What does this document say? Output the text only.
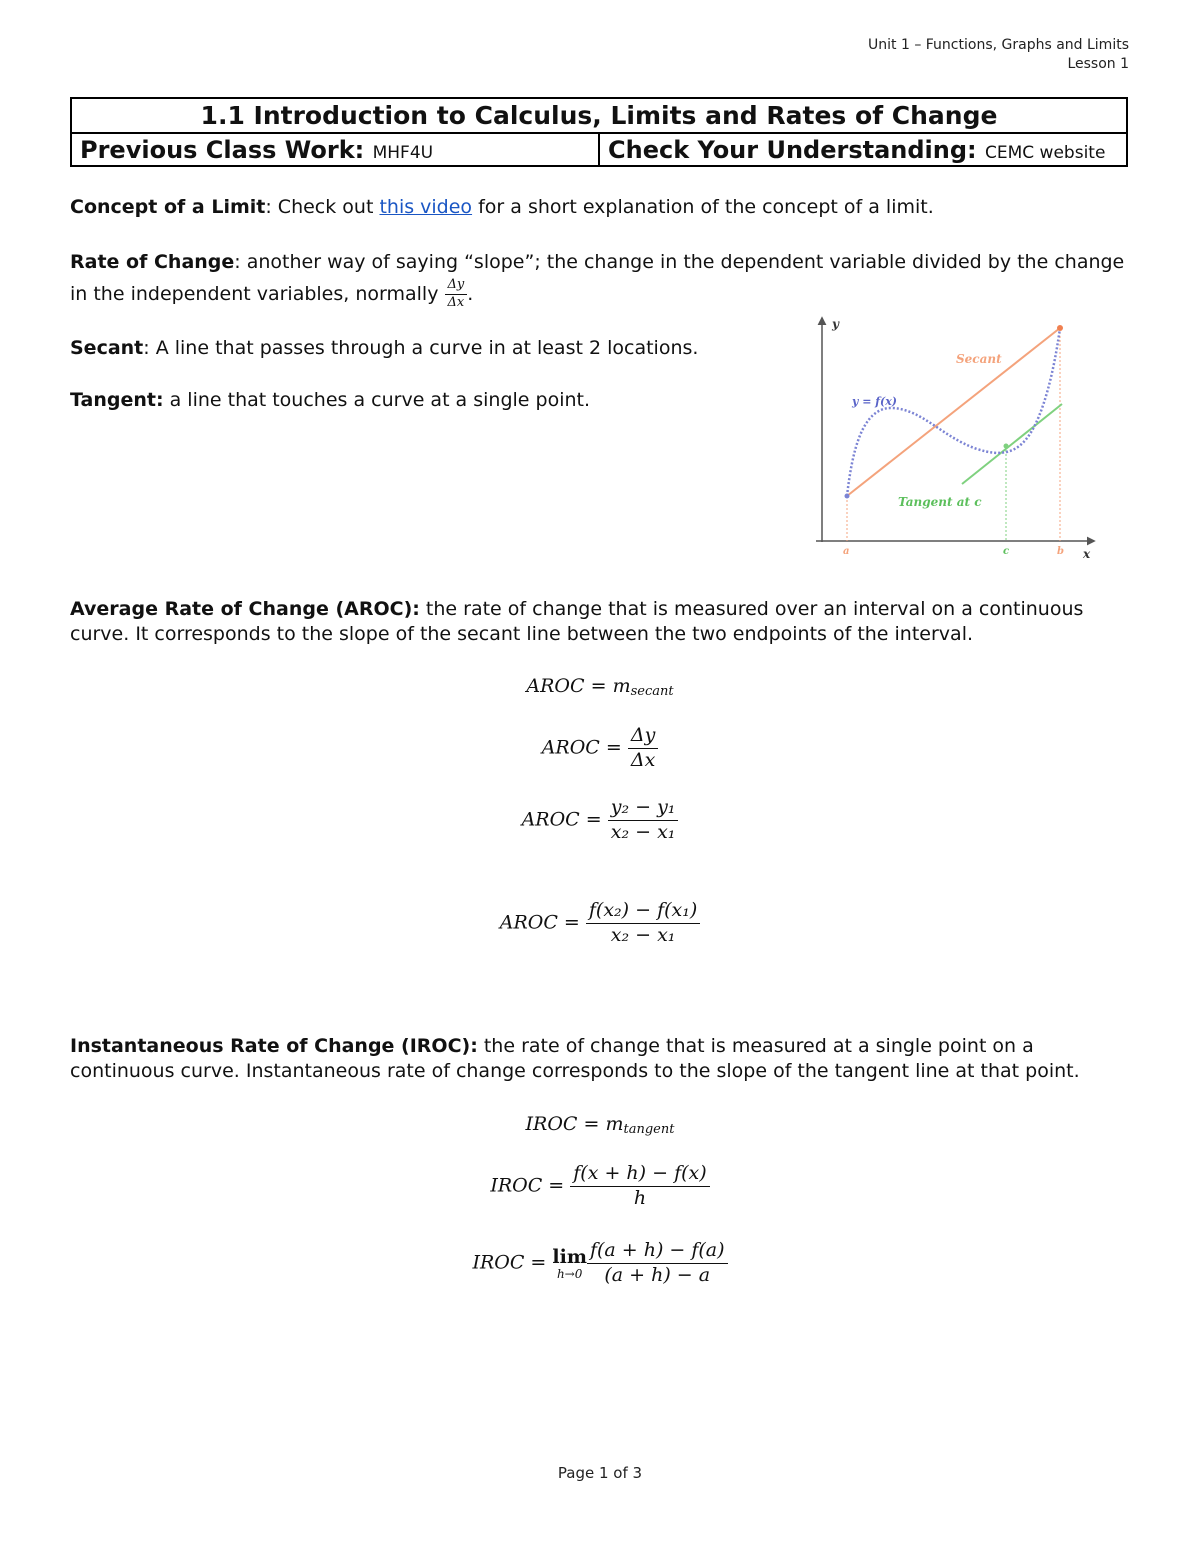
Unit 1 – Functions, Graphs and Limits
Lesson 1
1.1 Introduction to Calculus, Limits and Rates of Change
Previous Class Work: MHF4U	Check Your Understanding: CEMC website
Concept of a Limit: Check out this video for a short explanation of the concept of a limit.
Rate of Change: another way of saying “slope”; the change in the dependent variable divided by the change in the independent variables, normally $\frac{\Delta y}{\Delta x}$ .
Secant: A line that passes through a curve in at least 2 locations.
Tangent: a line that touches a curve at a single point.
y
x
Secant
y = f(x)
Tangent at c
a	c	b
Average Rate of Change (AROC): the rate of change that is measured over an interval on a continuous curve. It corresponds to the slope of the secant line between the two endpoints of the interval.
AROC = $m_{secant}$
AROC = $\frac{\Delta y}{\Delta x}$
AROC = $\frac{\text{y₂ − y₁}}{\text{x₂ − x₁}}$
AROC = $\frac{\text{f(x₂) − f(x₁)}}{\text{x₂ − x₁}}$
Instantaneous Rate of Change (IROC): the rate of change that is measured at a single point on a continuous curve. Instantaneous rate of change corresponds to the slope of the tangent line at that point.
IROC = $m_{tangent}$
IROC = $\frac{f(x + h) - f(x)}{h}$
IROC = lim
$h\to 0 \frac{f(a + h) - f(a)}{(a + h) - a}$
Page 1 of 3
